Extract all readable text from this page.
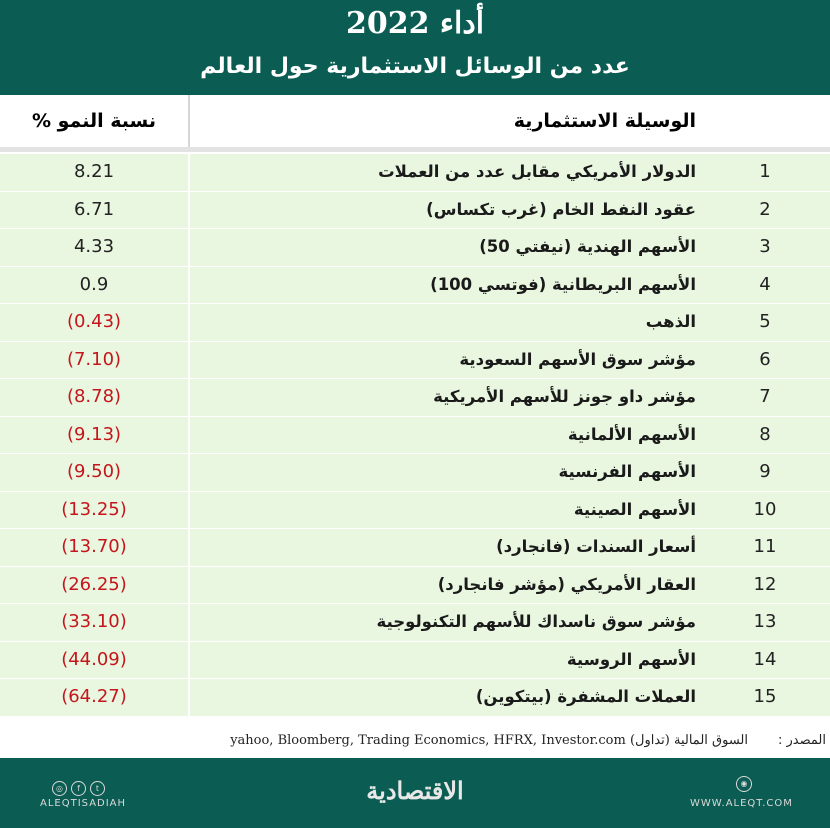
أداء 2022
عدد من الوسائل الاستثمارية حول العالم
نسبة النمو %	الوسيلة الاستثمارية
8.21	الدولار الأمريكي مقابل عدد من العملات	1
6.71	عقود النفط الخام (غرب تكساس)	2
4.33	الأسهم الهندية (نيفتي 50)	3
0.9	الأسهم البريطانية (فوتسي 100)	4
(0.43)	الذهب	5
(7.10)	مؤشر سوق الأسهم السعودية	6
(8.78)	مؤشر داو جونز للأسهم الأمريكية	7
(9.13)	الأسهم الألمانية	8
(9.50)	الأسهم الفرنسية	9
(13.25)	الأسهم الصينية	10
(13.70)	أسعار السندات (فانجارد)	11
(26.25)	العقار الأمريكي (مؤشر فانجارد)	12
(33.10)	مؤشر سوق ناسداك للأسهم التكنولوجية	13
(44.09)	الأسهم الروسية	14
(64.27)	العملات المشفرة (بيتكوين)	15
المصدر :
yahoo, Bloomberg, Trading Economics, HFRX, Investor.com السوق المالية (تداول)
◎ f t
ALEQTISADIAH	الاقتصادية	◉
WWW.ALEQT.COM
